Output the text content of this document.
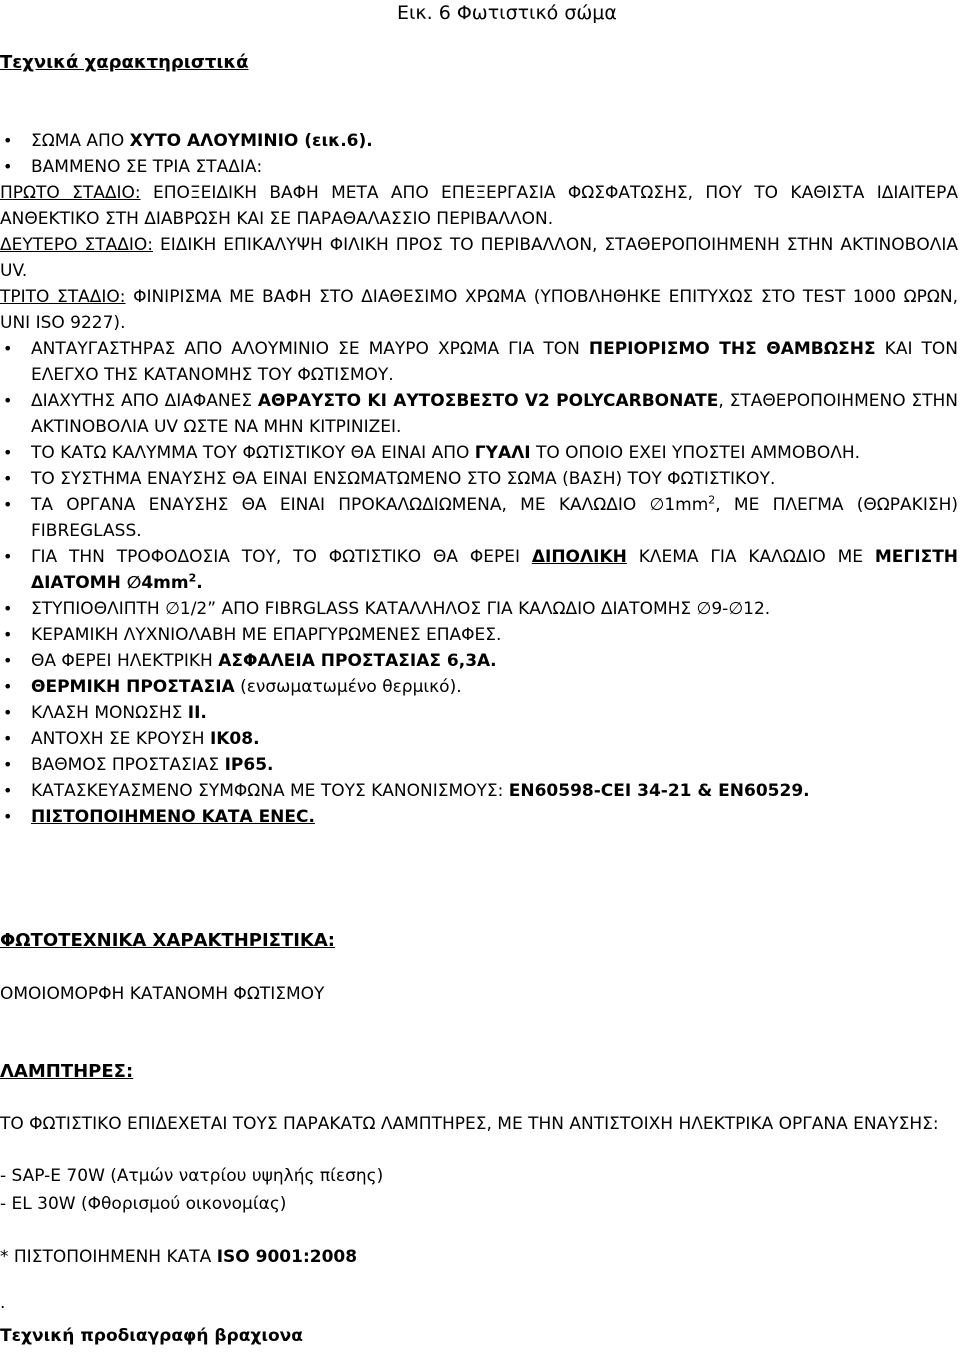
Εικ. 6 Φωτιστικό σώμα
Τεχνικά χαρακτηριστικά
• ΣΩΜΑ ΑΠΟ ΧΥΤΟ ΑΛΟΥΜΙΝΙΟ (εικ.6).
• ΒΑΜΜΕΝΟ ΣΕ ΤΡΙΑ ΣΤΑΔΙΑ:
ΠΡΩΤΟ ΣΤΑΔΙΟ: ΕΠΟΞΕΙΔΙΚΗ ΒΑΦΗ ΜΕΤΑ ΑΠΟ ΕΠΕΞΕΡΓΑΣΙΑ ΦΩΣΦΑΤΩΣΗΣ, ΠΟΥ ΤΟ ΚΑΘΙΣΤΑ ΙΔΙΑΙΤΕΡΑ ΑΝΘΕΚΤΙΚΟ ΣΤΗ ΔΙΑΒΡΩΣΗ ΚΑΙ ΣΕ ΠΑΡΑΘΑΛΑΣΣΙΟ ΠΕΡΙΒΑΛΛΟΝ.
ΔΕΥΤΕΡΟ ΣΤΑΔΙΟ: ΕΙΔΙΚΗ ΕΠΙΚΑΛΥΨΗ ΦΙΛΙΚΗ ΠΡΟΣ ΤΟ ΠΕΡΙΒΑΛΛΟΝ, ΣΤΑΘΕΡΟΠΟΙΗΜΕΝΗ ΣΤΗΝ ΑΚΤΙΝΟΒΟΛΙΑ UV.
ΤΡΙΤΟ ΣΤΑΔΙΟ: ΦΙΝΙΡΙΣΜΑ ΜΕ ΒΑΦΗ ΣΤΟ ΔΙΑΘΕΣΙΜΟ ΧΡΩΜΑ (ΥΠΟΒΛΗΘΗΚΕ ΕΠΙΤΥΧΩΣ ΣΤΟ TEST 1000 ΩΡΩΝ, UNI ISO 9227).
• ΑΝΤΑΥΓΑΣΤΗΡΑΣ ΑΠΟ ΑΛΟΥΜΙΝΙΟ ΣΕ ΜΑΥΡΟ ΧΡΩΜΑ ΓΙΑ ΤΟΝ ΠΕΡΙΟΡΙΣΜΟ ΤΗΣ ΘΑΜΒΩΣΗΣ ΚΑΙ ΤΟΝ ΕΛΕΓΧΟ ΤΗΣ ΚΑΤΑΝΟΜΗΣ ΤΟΥ ΦΩΤΙΣΜΟΥ.
• ΔΙΑΧΥΤΗΣ ΑΠΟ ΔΙΑΦΑΝΕΣ ΑΘΡΑΥΣΤΟ ΚΙ ΑΥΤΟΣΒΕΣΤΟ V2 POLYCARBONATE, ΣΤΑΘΕΡΟΠΟΙΗΜΕΝΟ ΣΤΗΝ ΑΚΤΙΝΟΒΟΛΙΑ UV ΩΣΤΕ ΝΑ ΜΗΝ ΚΙΤΡΙΝΙΖΕΙ.
• ΤΟ ΚΑΤΩ ΚΑΛΥΜΜΑ ΤΟΥ ΦΩΤΙΣΤΙΚΟΥ ΘΑ ΕΙΝΑΙ ΑΠΟ ΓΥΑΛΙ ΤΟ ΟΠΟΙΟ ΕΧΕΙ ΥΠΟΣΤΕΙ ΑΜΜΟΒΟΛΗ.
• ΤΟ ΣΥΣΤΗΜΑ ΕΝΑΥΣΗΣ ΘΑ ΕΙΝΑΙ ΕΝΣΩΜΑΤΩΜΕΝΟ ΣΤΟ ΣΩΜΑ (ΒΑΣΗ) ΤΟΥ ΦΩΤΙΣΤΙΚΟΥ.
• ΤΑ ΟΡΓΑΝΑ ΕΝΑΥΣΗΣ ΘΑ ΕΙΝΑΙ ΠΡΟΚΑΛΩΔΙΩΜΕΝΑ, ΜΕ ΚΑΛΩΔΙΟ $\emptyset 1mm^2$, ΜΕ ΠΛΕΓΜΑ (ΘΩΡΑΚΙΣΗ) FIBREGLASS.
• ΓΙΑ ΤΗΝ ΤΡΟΦΟΔΟΣΙΑ ΤΟΥ, ΤΟ ΦΩΤΙΣΤΙΚΟ ΘΑ ΦΕΡΕΙ ΔΙΠΟΛΙΚΗ ΚΛΕΜΑ ΓΙΑ ΚΑΛΩΔΙΟ ΜΕ ΜΕΓΙΣΤΗ ΔΙΑΤΟΜΗ $\emptyset 4mm^2$.
• ΣΤΥΠΙΟΘΛΙΠΤΗ ∅1/2” ΑΠΟ FIBRGLASS ΚΑΤΑΛΛΗΛΟΣ ΓΙΑ ΚΑΛΩΔΙΟ ΔΙΑΤΟΜΗΣ ∅9-∅12.
• ΚΕΡΑΜΙΚΗ ΛΥΧΝΙΟΛΑΒΗ ΜΕ ΕΠΑΡΓΥΡΩΜΕΝΕΣ ΕΠΑΦΕΣ.
• ΘΑ ΦΕΡΕΙ ΗΛΕΚΤΡΙΚΗ ΑΣΦΑΛΕΙΑ ΠΡΟΣΤΑΣΙΑΣ 6,3Α.
• ΘΕΡΜΙΚΗ ΠΡΟΣΤΑΣΙΑ (ενσωματωμένο θερμικό).
• ΚΛΑΣΗ ΜΟΝΩΣΗΣ ΙΙ.
• ΑΝΤΟΧΗ ΣΕ ΚΡΟΥΣΗ IK08.
• ΒΑΘΜΟΣ ΠΡΟΣΤΑΣΙΑΣ IP65.
• ΚΑΤΑΣΚΕΥΑΣΜΕΝΟ ΣΥΜΦΩΝΑ ΜΕ ΤΟΥΣ ΚΑΝΟΝΙΣΜΟΥΣ: EN60598-CEI 34-21 & EN60529.
• ΠΙΣΤΟΠΟΙΗΜΕΝΟ ΚΑΤΑ ENEC.
ΦΩΤΟΤΕΧΝΙΚΑ ΧΑΡΑΚΤΗΡΙΣΤΙΚΑ:
ΟΜΟΙΟΜΟΡΦΗ ΚΑΤΑΝΟΜΗ ΦΩΤΙΣΜΟΥ
ΛΑΜΠΤΗΡΕΣ:
ΤΟ ΦΩΤΙΣΤΙΚΟ ΕΠΙΔΕΧΕΤΑΙ ΤΟΥΣ ΠΑΡΑΚΑΤΩ ΛΑΜΠΤΗΡΕΣ, ΜΕ ΤΗΝ ΑΝΤΙΣΤΟΙΧΗ ΗΛΕΚΤΡΙΚΑ ΟΡΓΑΝΑ ΕΝΑΥΣΗΣ:
- SAP-E 70W (Ατμών νατρίου υψηλής πίεσης)
- EL 30W (Φθορισμού οικονομίας)
* ΠΙΣΤΟΠΟΙΗΜΕΝΗ ΚΑΤΑ ISO 9001:2008
.
Τεχνική προδιαγραφή βραχιονα
